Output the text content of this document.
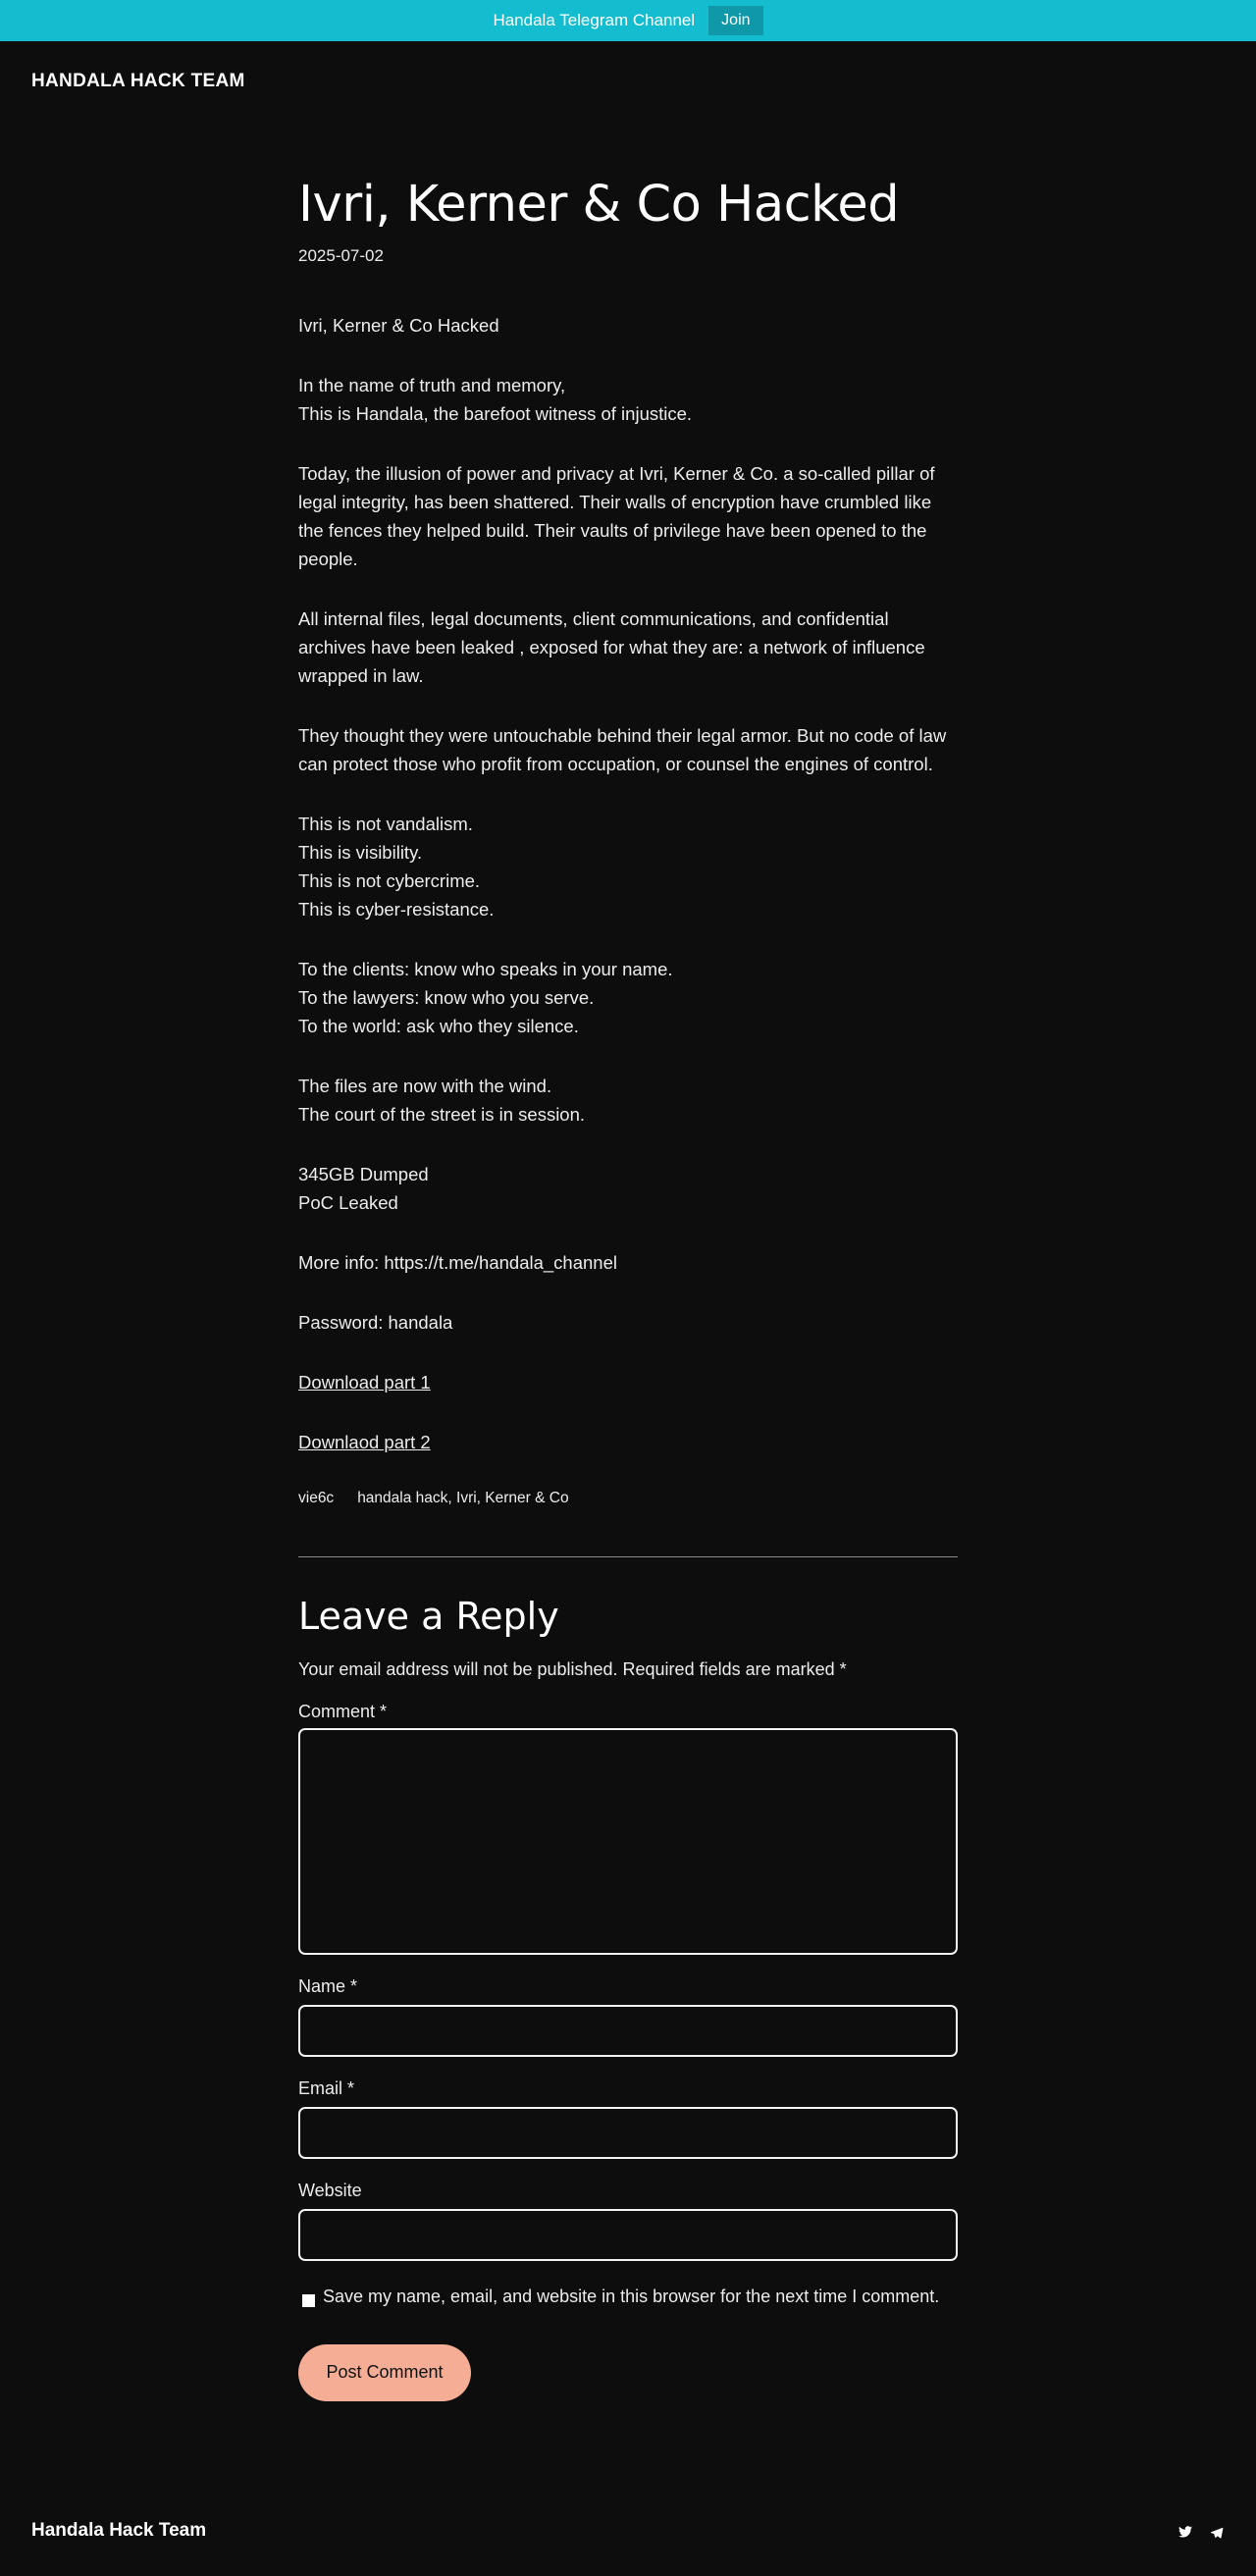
Handala Telegram Channel	Join
HANDALA HACK TEAM
Ivri, Kerner & Co Hacked
2025-07-02

Ivri, Kerner & Co Hacked

In the name of truth and memory,
This is Handala, the barefoot witness of injustice.

Today, the illusion of power and privacy at Ivri, Kerner & Co. a so-called pillar of legal integrity, has been shattered. Their walls of encryption have crumbled like the fences they helped build. Their vaults of privilege have been opened to the people.

All internal files, legal documents, client communications, and confidential archives have been leaked , exposed for what they are: a network of influence wrapped in law.

They thought they were untouchable behind their legal armor. But no code of law can protect those who profit from occupation, or counsel the engines of control.

This is not vandalism.
This is visibility.
This is not cybercrime.
This is cyber-resistance.

To the clients: know who speaks in your name.
To the lawyers: know who you serve.
To the world: ask who they silence.

The files are now with the wind.
The court of the street is in session.

345GB Dumped
PoC Leaked

More info: https://t.me/handala_channel

Password: handala

Download part 1

Downlaod part 2

vie6c handala hack, Ivri, Kerner & Co
Leave a Reply

Your email address will not be published. Required fields are marked *

Comment *
Name *
Email *
Website
Save my name, email, and website in this browser for the next time I comment.
Post Comment
Handala Hack Team
